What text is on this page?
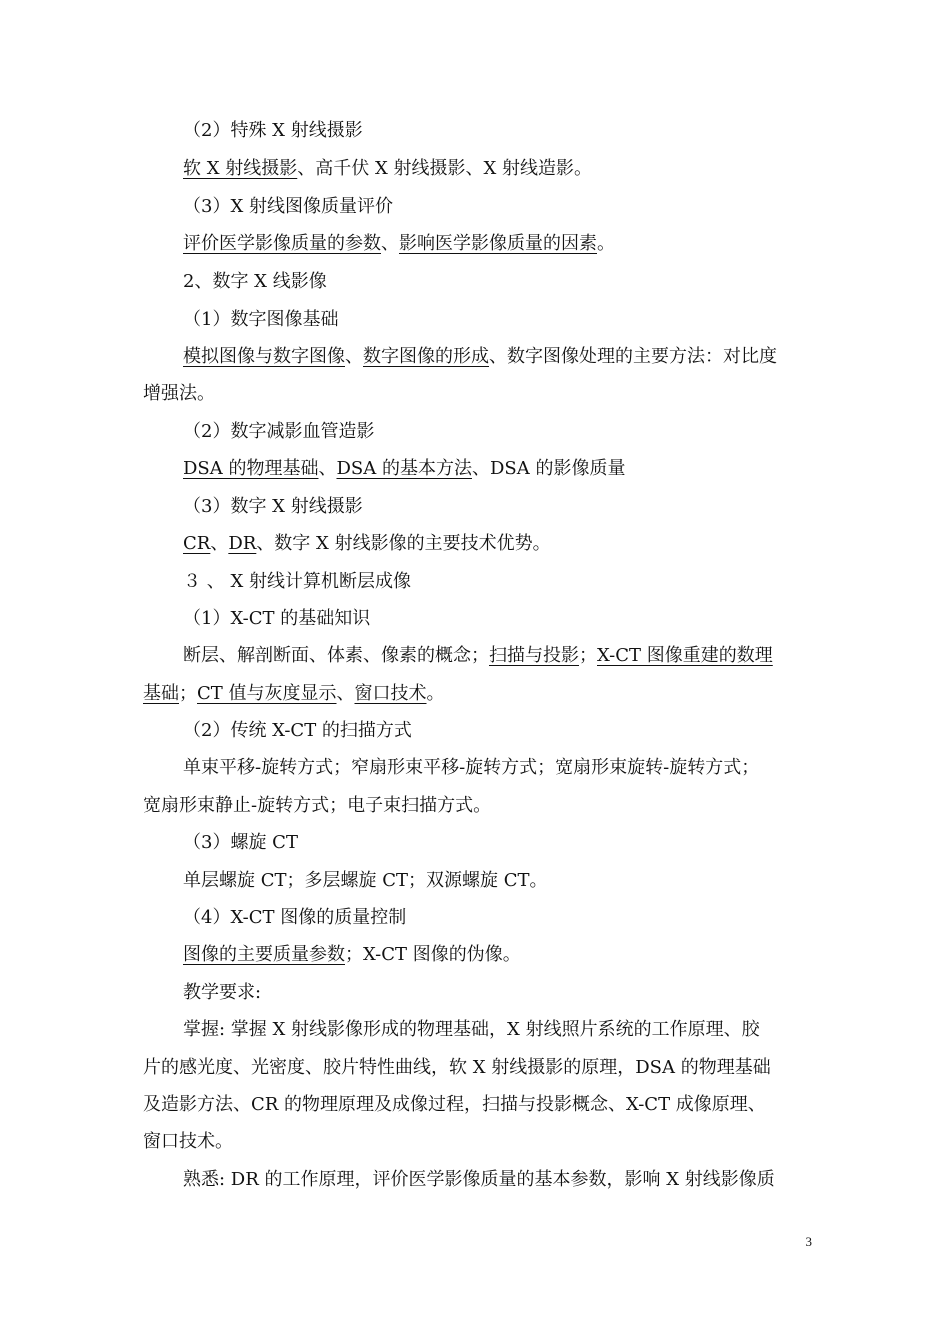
（2）特殊 X 射线摄影
软 X 射线摄影、高千伏 X 射线摄影、X 射线造影。
（3）X 射线图像质量评价
评价医学影像质量的参数、影响医学影像质量的因素。
2、数字 X 线影像
（1）数字图像基础
模拟图像与数字图像、数字图像的形成、数字图像处理的主要方法：对比度
增强法。
（2）数字减影血管造影
DSA 的物理基础、DSA 的基本方法、DSA 的影像质量
（3）数字 X 射线摄影
CR、DR、数字 X 射线影像的主要技术优势。
３ 、 X 射线计算机断层成像
（1）X-CT 的基础知识
断层、解剖断面、体素、像素的概念；扫描与投影；X-CT 图像重建的数理
基础；CT 值与灰度显示、窗口技术。
（2）传统 X-CT 的扫描方式
单束平移-旋转方式；窄扇形束平移-旋转方式；宽扇形束旋转-旋转方式；
宽扇形束静止-旋转方式；电子束扫描方式。
（3）螺旋 CT
单层螺旋 CT；多层螺旋 CT；双源螺旋 CT。
（4）X-CT 图像的质量控制
图像的主要质量参数；X-CT 图像的伪像。
教学要求:
掌握: 掌握 X 射线影像形成的物理基础，X 射线照片系统的工作原理、胶
片的感光度、光密度、胶片特性曲线，软 X 射线摄影的原理，DSA 的物理基础
及造影方法、CR 的物理原理及成像过程，扫描与投影概念、X-CT 成像原理、
窗口技术。
熟悉: DR 的工作原理，评价医学影像质量的基本参数，影响 X 射线影像质
3
